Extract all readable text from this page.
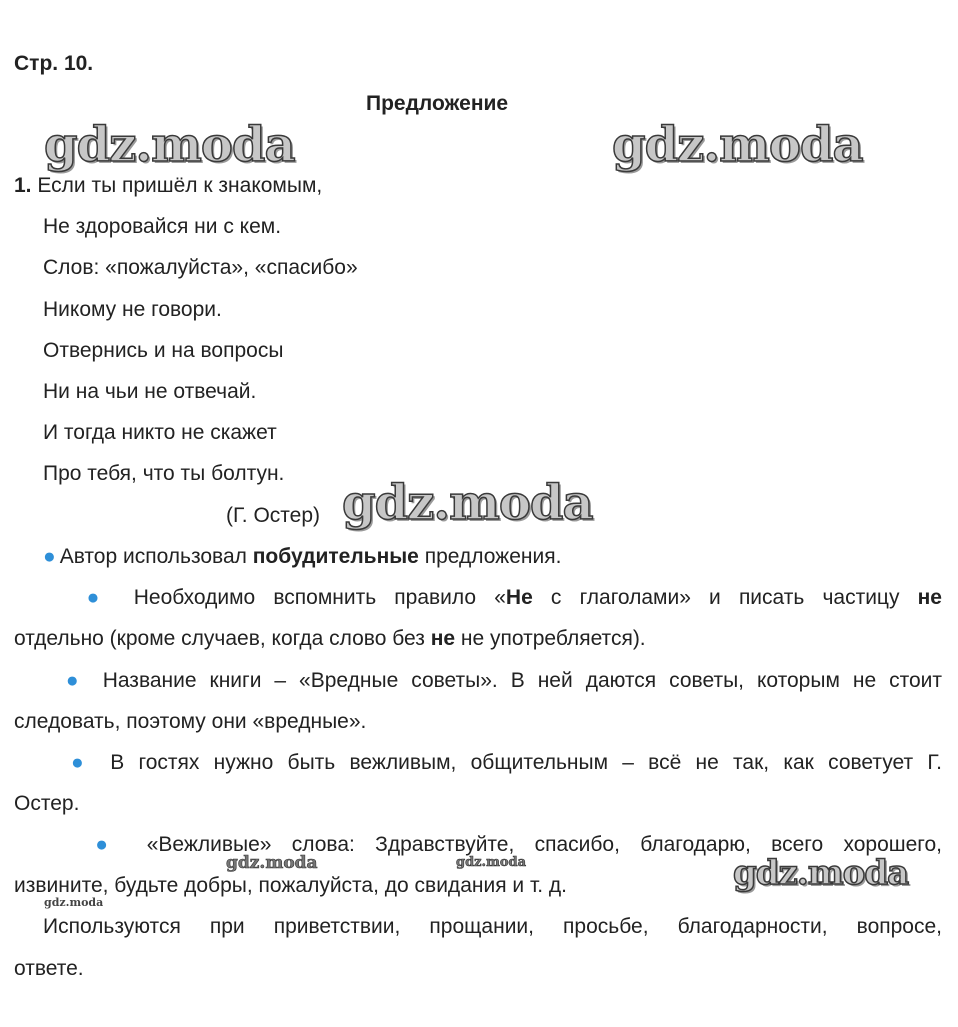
Стр. 10.
Предложение
1. Если ты пришёл к знакомым,
Не здоровайся ни с кем.
Слов: «пожалуйста», «спасибо»
Никому не говори.
Отвернись и на вопросы
Ни на чьи не отвечай.
И тогда никто не скажет
Про тебя, что ты болтун.
(Г. Остер)
● Автор использовал побудительные предложения.
● Необходимо вспомнить правило «Не с глаголами» и писать частицу не
отдельно (кроме случаев, когда слово без не не употребляется).
● Название книги – «Вредные советы». В ней даются советы, которым не стоит
следовать, поэтому они «вредные».
● В гостях нужно быть вежливым, общительным – всё не так, как советует Г.
Остер.
● «Вежливые» слова: Здравствуйте, спасибо, благодарю, всего хорошего,
извините, будьте добры, пожалуйста, до свидания и т. д.
Используются при приветствии, прощании, просьбе, благодарности, вопросе,
ответе.
gdz.moda	gdz.moda
gdz.moda
gdz.moda	gdz.moda	gdz.moda
gdz.moda
